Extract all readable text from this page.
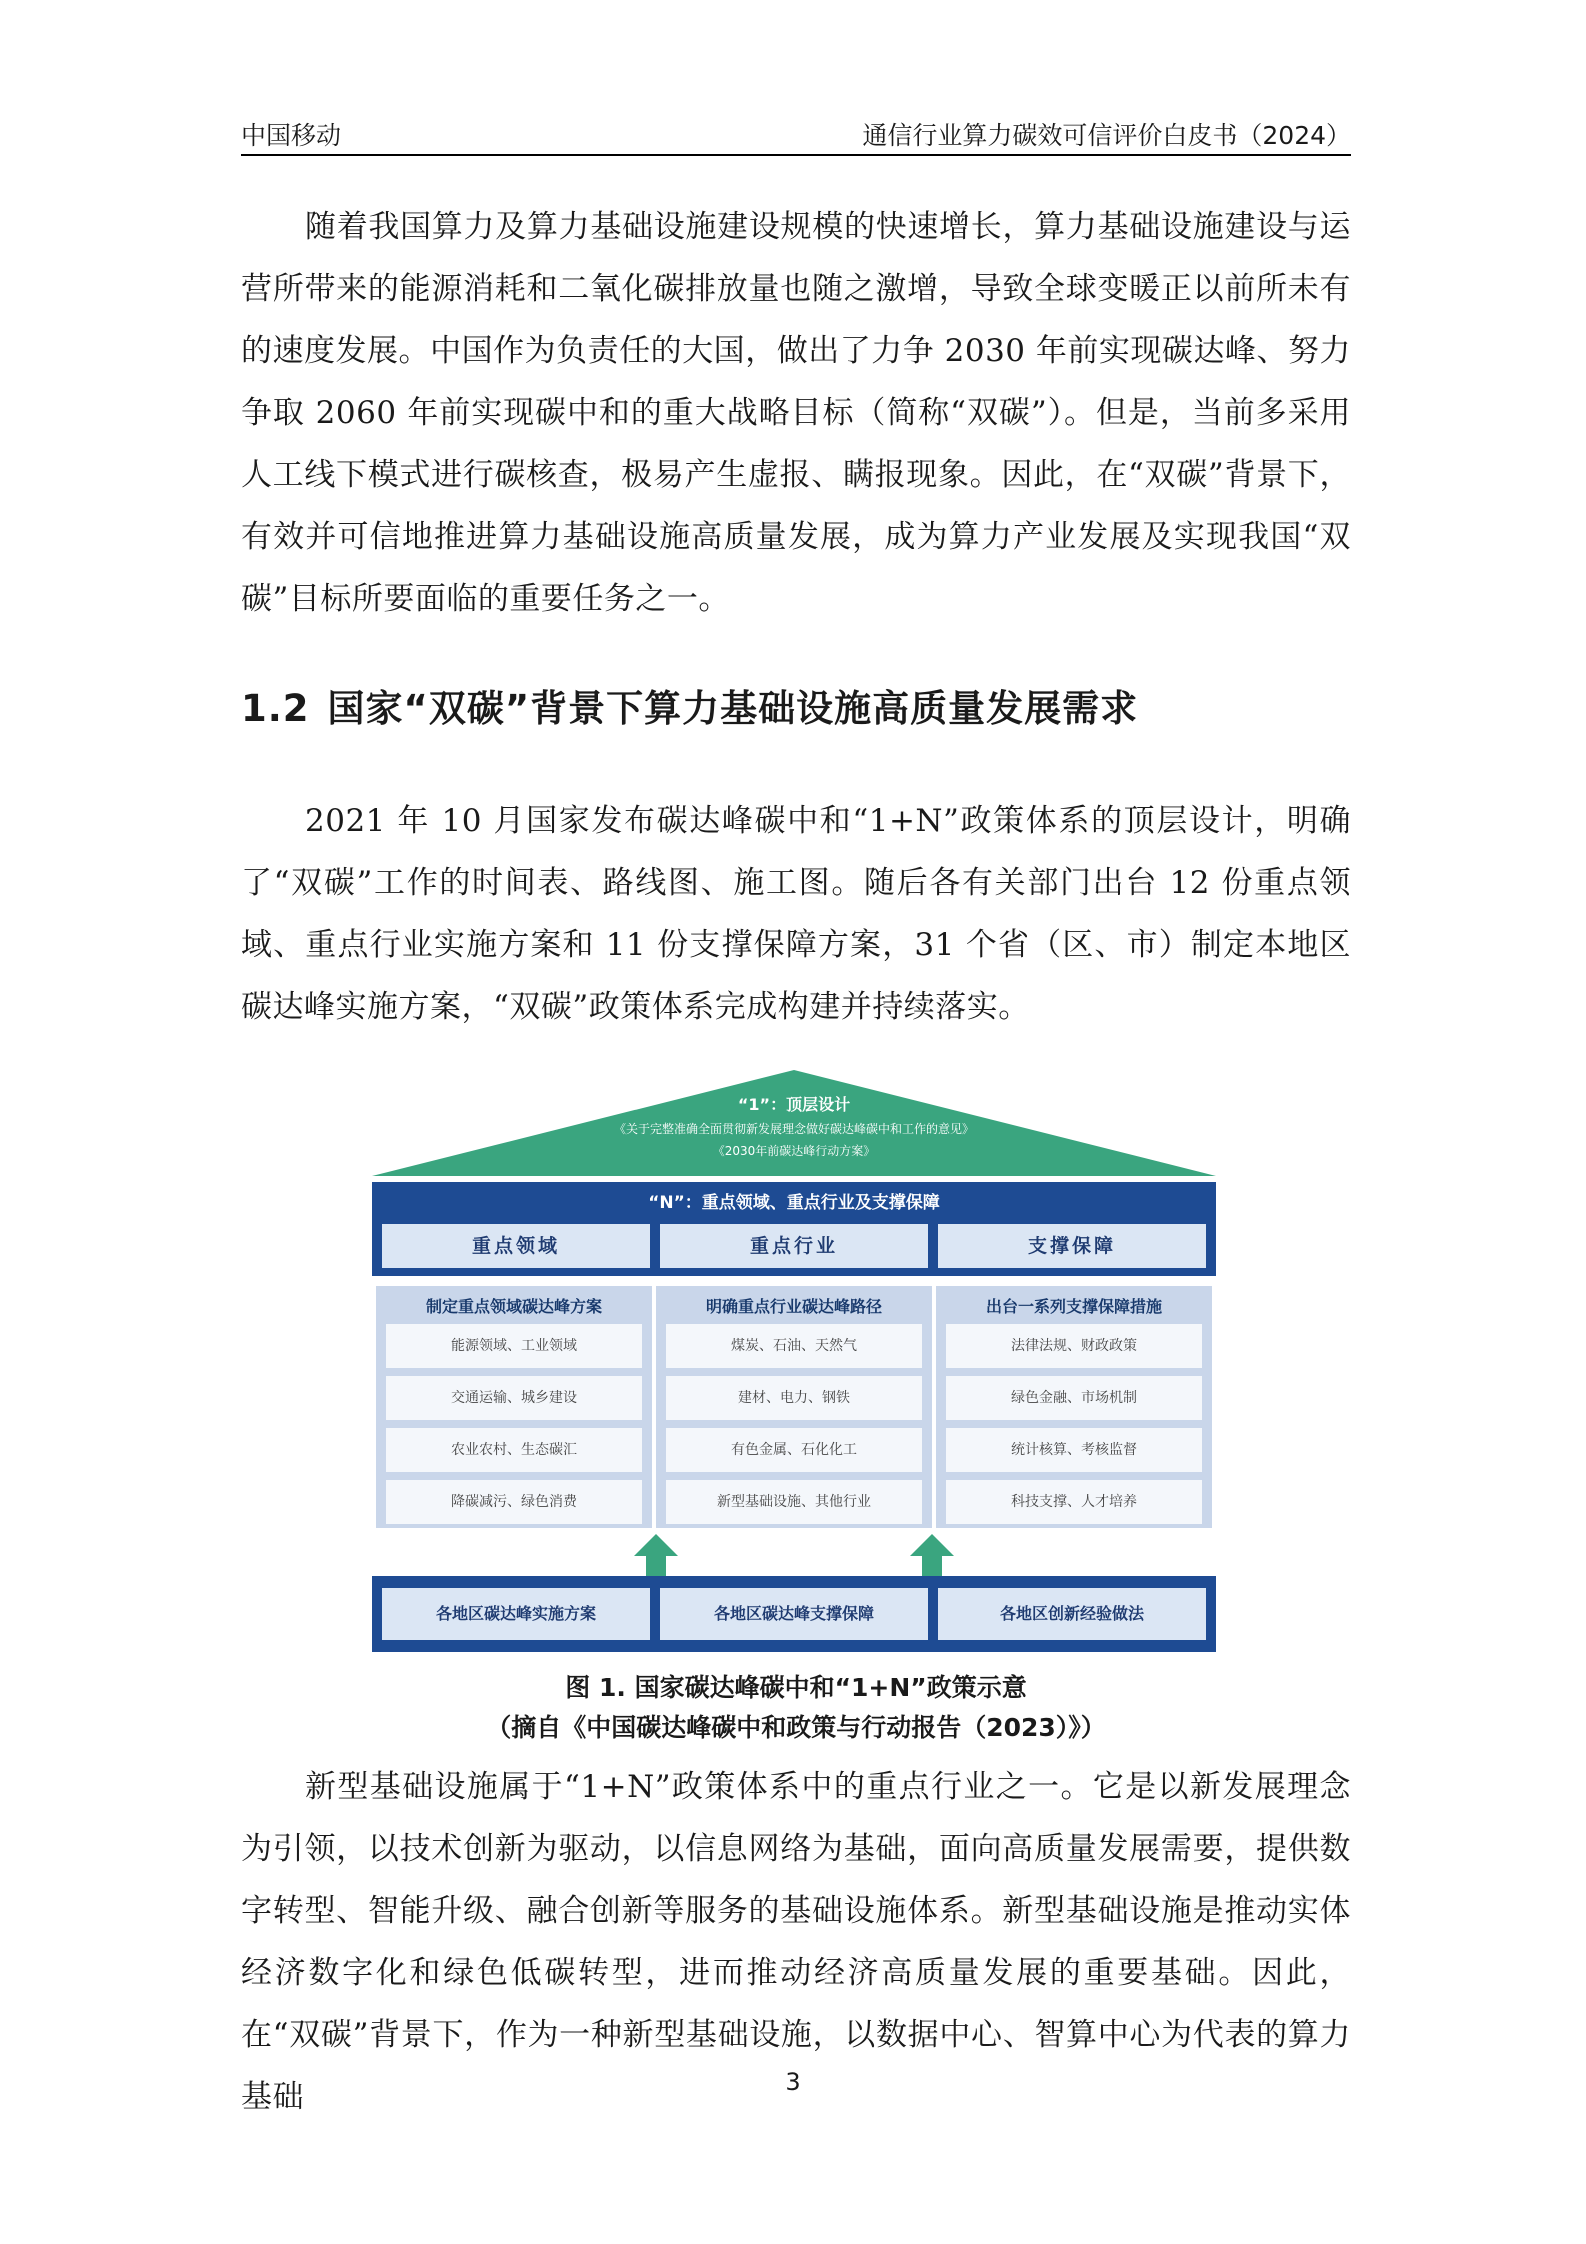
中国移动	通信行业算力碳效可信评价白皮书（2024）

随着我国算力及算力基础设施建设规模的快速增长，算力基础设施建设与运营所带来的能源消耗和二氧化碳排放量也随之激增，导致全球变暖正以前所未有的速度发展。中国作为负责任的大国，做出了力争 2030 年前实现碳达峰、努力争取 2060 年前实现碳中和的重大战略目标（简称“双碳”）。但是，当前多采用人工线下模式进行碳核查，极易产生虚报、瞒报现象。因此，在“双碳”背景下，有效并可信地推进算力基础设施高质量发展，成为算力产业发展及实现我国“双碳”目标所要面临的重要任务之一。

1.2 国家“双碳”背景下算力基础设施高质量发展需求

2021 年 10 月国家发布碳达峰碳中和“1+N”政策体系的顶层设计，明确了“双碳”工作的时间表、路线图、施工图。随后各有关部门出台 12 份重点领域、重点行业实施方案和 11 份支撑保障方案，31 个省（区、市）制定本地区碳达峰实施方案，“双碳”政策体系完成构建并持续落实。

“1”：顶层设计
《关于完整准确全面贯彻新发展理念做好碳达峰碳中和工作的意见》
《2030年前碳达峰行动方案》
“N”：重点领域、重点行业及支撑保障
重点领域	重点行业	支撑保障
制定重点领域碳达峰方案
能源领域、工业领域
交通运输、城乡建设
农业农村、生态碳汇
降碳减污、绿色消费
明确重点行业碳达峰路径
煤炭、石油、天然气
建材、电力、钢铁
有色金属、石化化工
新型基础设施、其他行业
出台一系列支撑保障措施
法律法规、财政政策
绿色金融、市场机制
统计核算、考核监督
科技支撑、人才培养
各地区碳达峰实施方案	各地区碳达峰支撑保障	各地区创新经验做法
图 1. 国家碳达峰碳中和“1+N”政策示意
（摘自《中国碳达峰碳中和政策与行动报告（2023）》）

新型基础设施属于“1+N”政策体系中的重点行业之一。它是以新发展理念为引领，以技术创新为驱动，以信息网络为基础，面向高质量发展需要，提供数字转型、智能升级、融合创新等服务的基础设施体系。新型基础设施是推动实体经济数字化和绿色低碳转型，进而推动经济高质量发展的重要基础。因此，在“双碳”背景下，作为一种新型基础设施，以数据中心、智算中心为代表的算力基础	3
